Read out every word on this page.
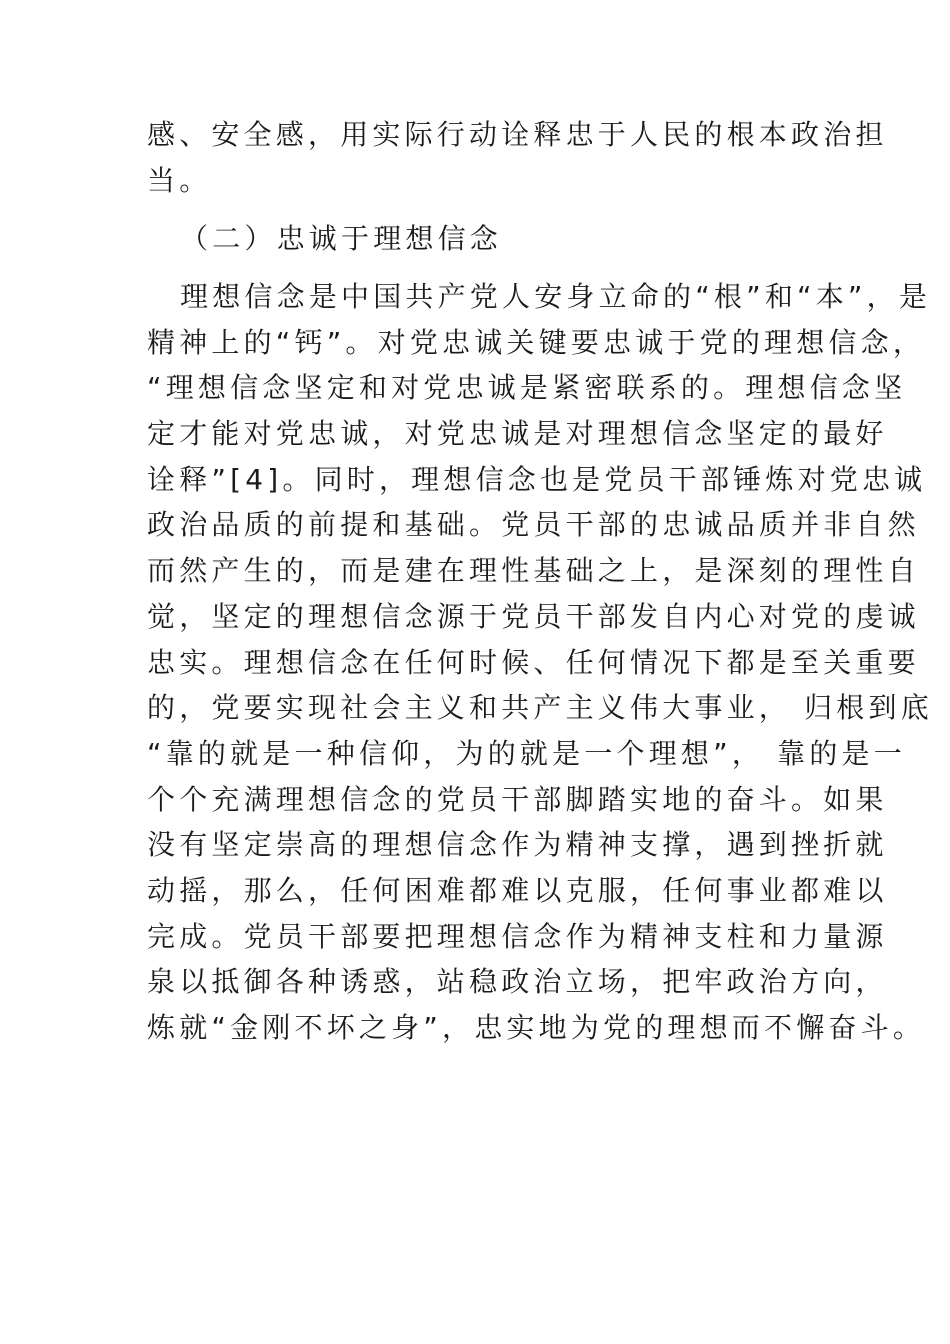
感、安全感，用实际行动诠释忠于人民的根本政治担
当。
（二）忠诚于理想信念
理想信念是中国共产党人安身立命的“根”和“本”，是
精神上的“钙”。对党忠诚关键要忠诚于党的理想信念，
“理想信念坚定和对党忠诚是紧密联系的。理想信念坚
定才能对党忠诚，对党忠诚是对理想信念坚定的最好
诠释”[4]。同时，理想信念也是党员干部锤炼对党忠诚
政治品质的前提和基础。党员干部的忠诚品质并非自然
而然产生的，而是建在理性基础之上，是深刻的理性自
觉，坚定的理想信念源于党员干部发自内心对党的虔诚
忠实。理想信念在任何时候、任何情况下都是至关重要
的，党要实现社会主义和共产主义伟大事业， 归根到底
“靠的就是一种信仰，为的就是一个理想”， 靠的是一
个个充满理想信念的党员干部脚踏实地的奋斗。如果
没有坚定崇高的理想信念作为精神支撑，遇到挫折就
动摇，那么，任何困难都难以克服，任何事业都难以
完成。党员干部要把理想信念作为精神支柱和力量源
泉以抵御各种诱惑，站稳政治立场，把牢政治方向，
炼就“金刚不坏之身”，忠实地为党的理想而不懈奋斗。
